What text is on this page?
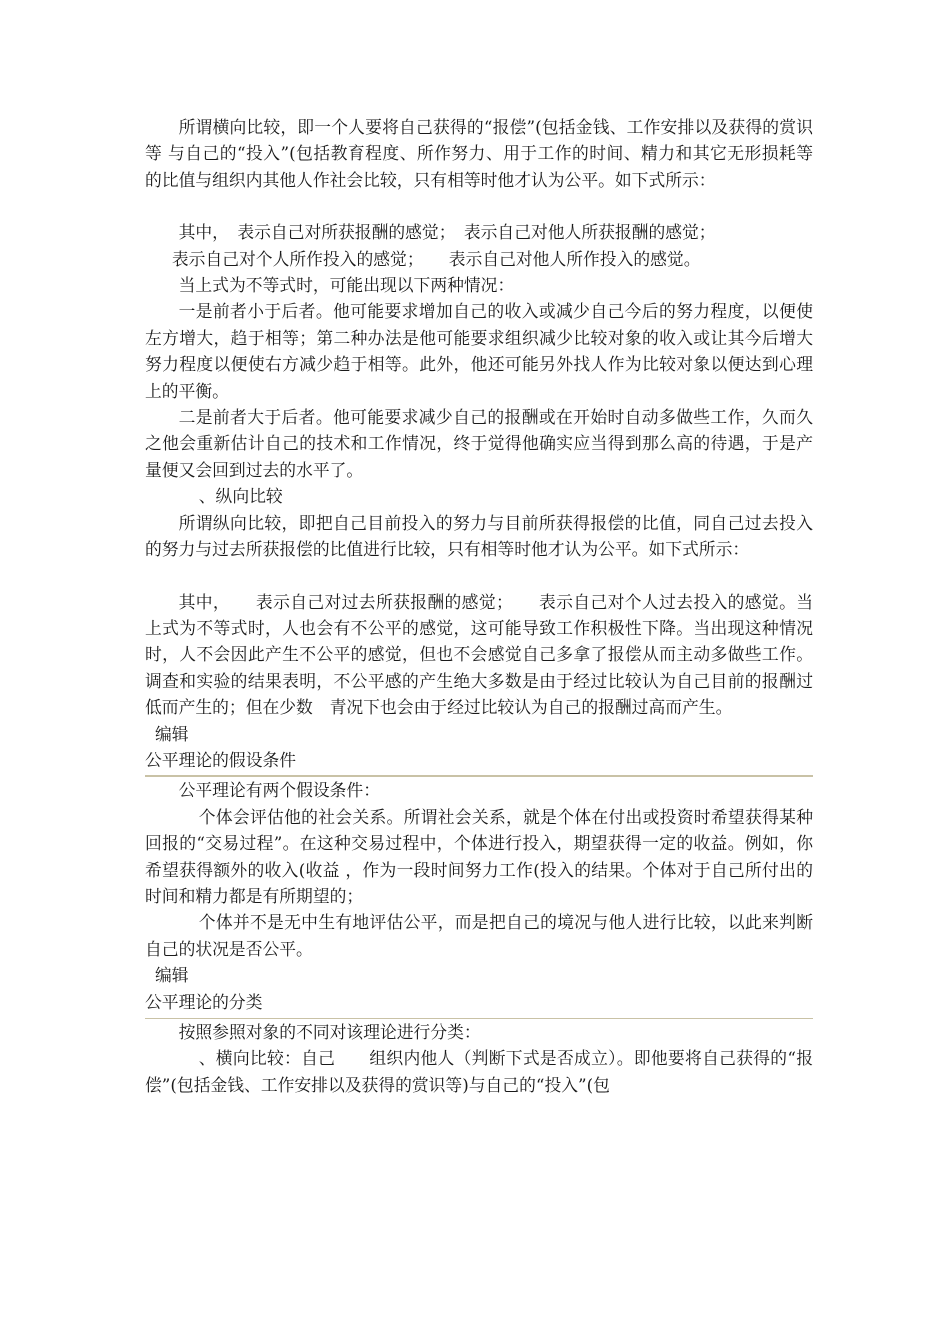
所谓横向比较，即一个人要将自己获得的“报偿”(包括金钱、工作安排以及获得的赏识等 与自己的“投入”(包括教育程度、所作努力、用于工作的时间、精力和其它无形损耗等 的比值与组织内其他人作社会比较，只有相等时他才认为公平。如下式所示：

其中，　表示自己对所获报酬的感觉；　表示自己对他人所获报酬的感觉；

表示自己对个人所作投入的感觉；　　表示自己对他人所作投入的感觉。

当上式为不等式时，可能出现以下两种情况：

一是前者小于后者。他可能要求增加自己的收入或减少自己今后的努力程度，以便使左方增大，趋于相等；第二种办法是他可能要求组织减少比较对象的收入或让其今后增大努力程度以便使右方减少趋于相等。此外，他还可能另外找人作为比较对象以便达到心理上的平衡。

二是前者大于后者。他可能要求减少自己的报酬或在开始时自动多做些工作，久而久之他会重新估计自己的技术和工作情况，终于觉得他确实应当得到那么高的待遇，于是产量便又会回到过去的水平了。

、纵向比较

所谓纵向比较，即把自己目前投入的努力与目前所获得报偿的比值，同自己过去投入的努力与过去所获报偿的比值进行比较，只有相等时他才认为公平。如下式所示：

其中，　　表示自己对过去所获报酬的感觉；　　表示自己对个人过去投入的感觉。当上式为不等式时，人也会有不公平的感觉，这可能导致工作积极性下降。当出现这种情况时，人不会因此产生不公平的感觉，但也不会感觉自己多拿了报偿从而主动多做些工作。调查和实验的结果表明，不公平感的产生绝大多数是由于经过比较认为自己目前的报酬过低而产生的；但在少数　青况下也会由于经过比较认为自己的报酬过高而产生。

编辑

公平理论的假设条件

公平理论有两个假设条件：

个体会评估他的社会关系。所谓社会关系，就是个体在付出或投资时希望获得某种回报的“交易过程”。在这种交易过程中，个体进行投入，期望获得一定的收益。例如，你希望获得额外的收入(收益 ，作为一段时间努力工作(投入的结果。个体对于自己所付出的时间和精力都是有所期望的；

个体并不是无中生有地评估公平，而是把自己的境况与他人进行比较，以此来判断自己的状况是否公平。

编辑

公平理论的分类

按照参照对象的不同对该理论进行分类：

、横向比较：自己　　组织内他人（判断下式是否成立）。即他要将自己获得的“报偿”(包括金钱、工作安排以及获得的赏识等)与自己的“投入”(包
